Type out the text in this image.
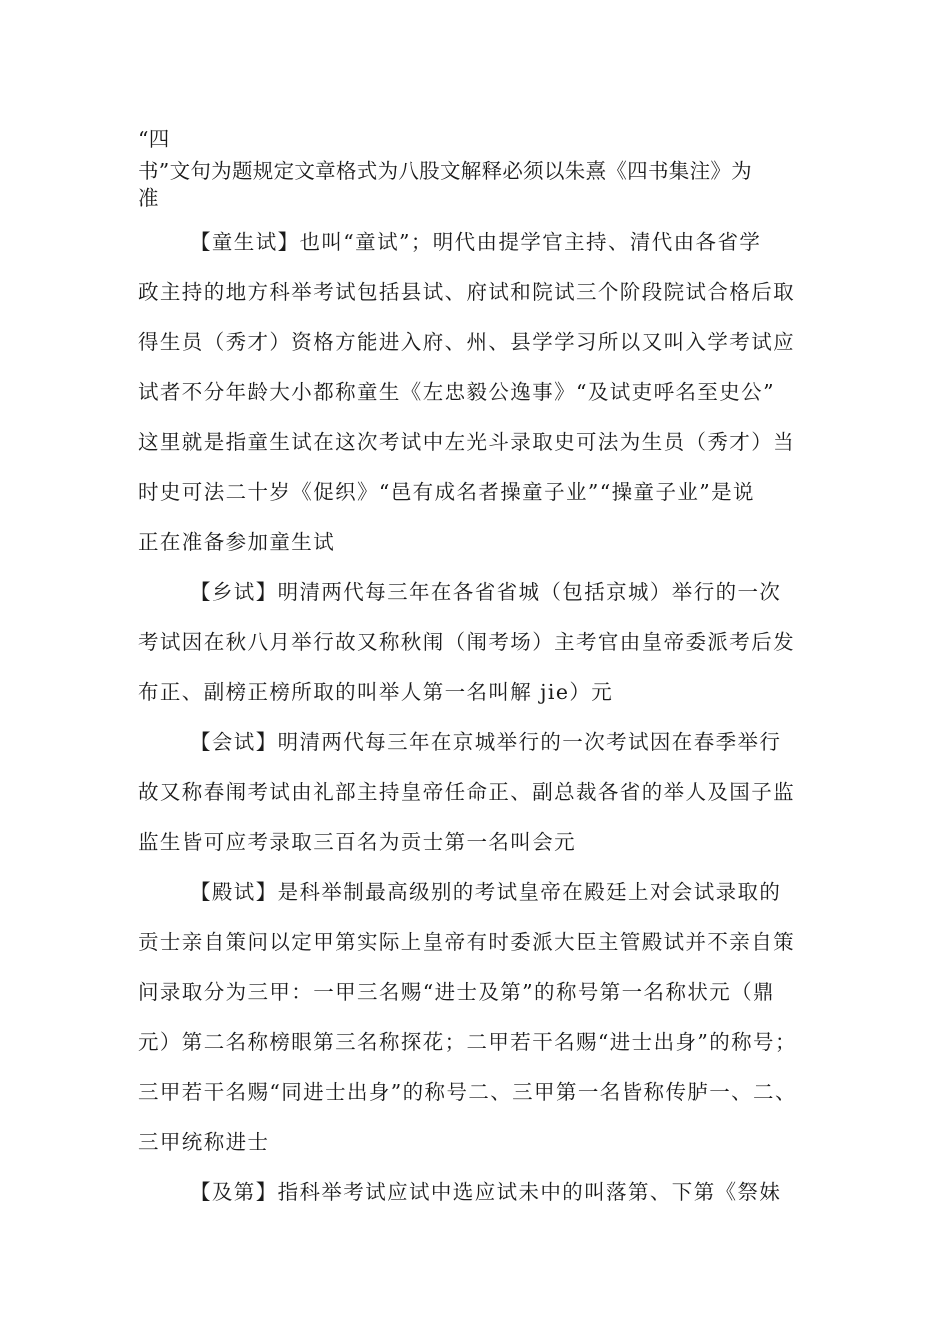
“四
书”文句为题规定文章格式为八股文解释必须以朱熹《四书集注》为
准
【童生试】也叫“童试”；明代由提学官主持、清代由各省学
政主持的地方科举考试包括县试、府试和院试三个阶段院试合格后取
得生员（秀才）资格方能进入府、州、县学学习所以又叫入学考试应
试者不分年龄大小都称童生《左忠毅公逸事》“及试吏呼名至史公”
这里就是指童生试在这次考试中左光斗录取史可法为生员（秀才）当
时史可法二十岁《促织》“邑有成名者操童子业”“操童子业”是说
正在准备参加童生试
【乡试】明清两代每三年在各省省城（包括京城）举行的一次
考试因在秋八月举行故又称秋闱（闱考场）主考官由皇帝委派考后发
布正、副榜正榜所取的叫举人第一名叫解 jie）元
【会试】明清两代每三年在京城举行的一次考试因在春季举行
故又称春闱考试由礼部主持皇帝任命正、副总裁各省的举人及国子监
监生皆可应考录取三百名为贡士第一名叫会元
【殿试】是科举制最高级别的考试皇帝在殿廷上对会试录取的
贡士亲自策问以定甲第实际上皇帝有时委派大臣主管殿试并不亲自策
问录取分为三甲：一甲三名赐“进士及第”的称号第一名称状元（鼎
元）第二名称榜眼第三名称探花；二甲若干名赐“进士出身”的称号；
三甲若干名赐“同进士出身”的称号二、三甲第一名皆称传胪一、二、
三甲统称进士
【及第】指科举考试应试中选应试未中的叫落第、下第《祭妹
